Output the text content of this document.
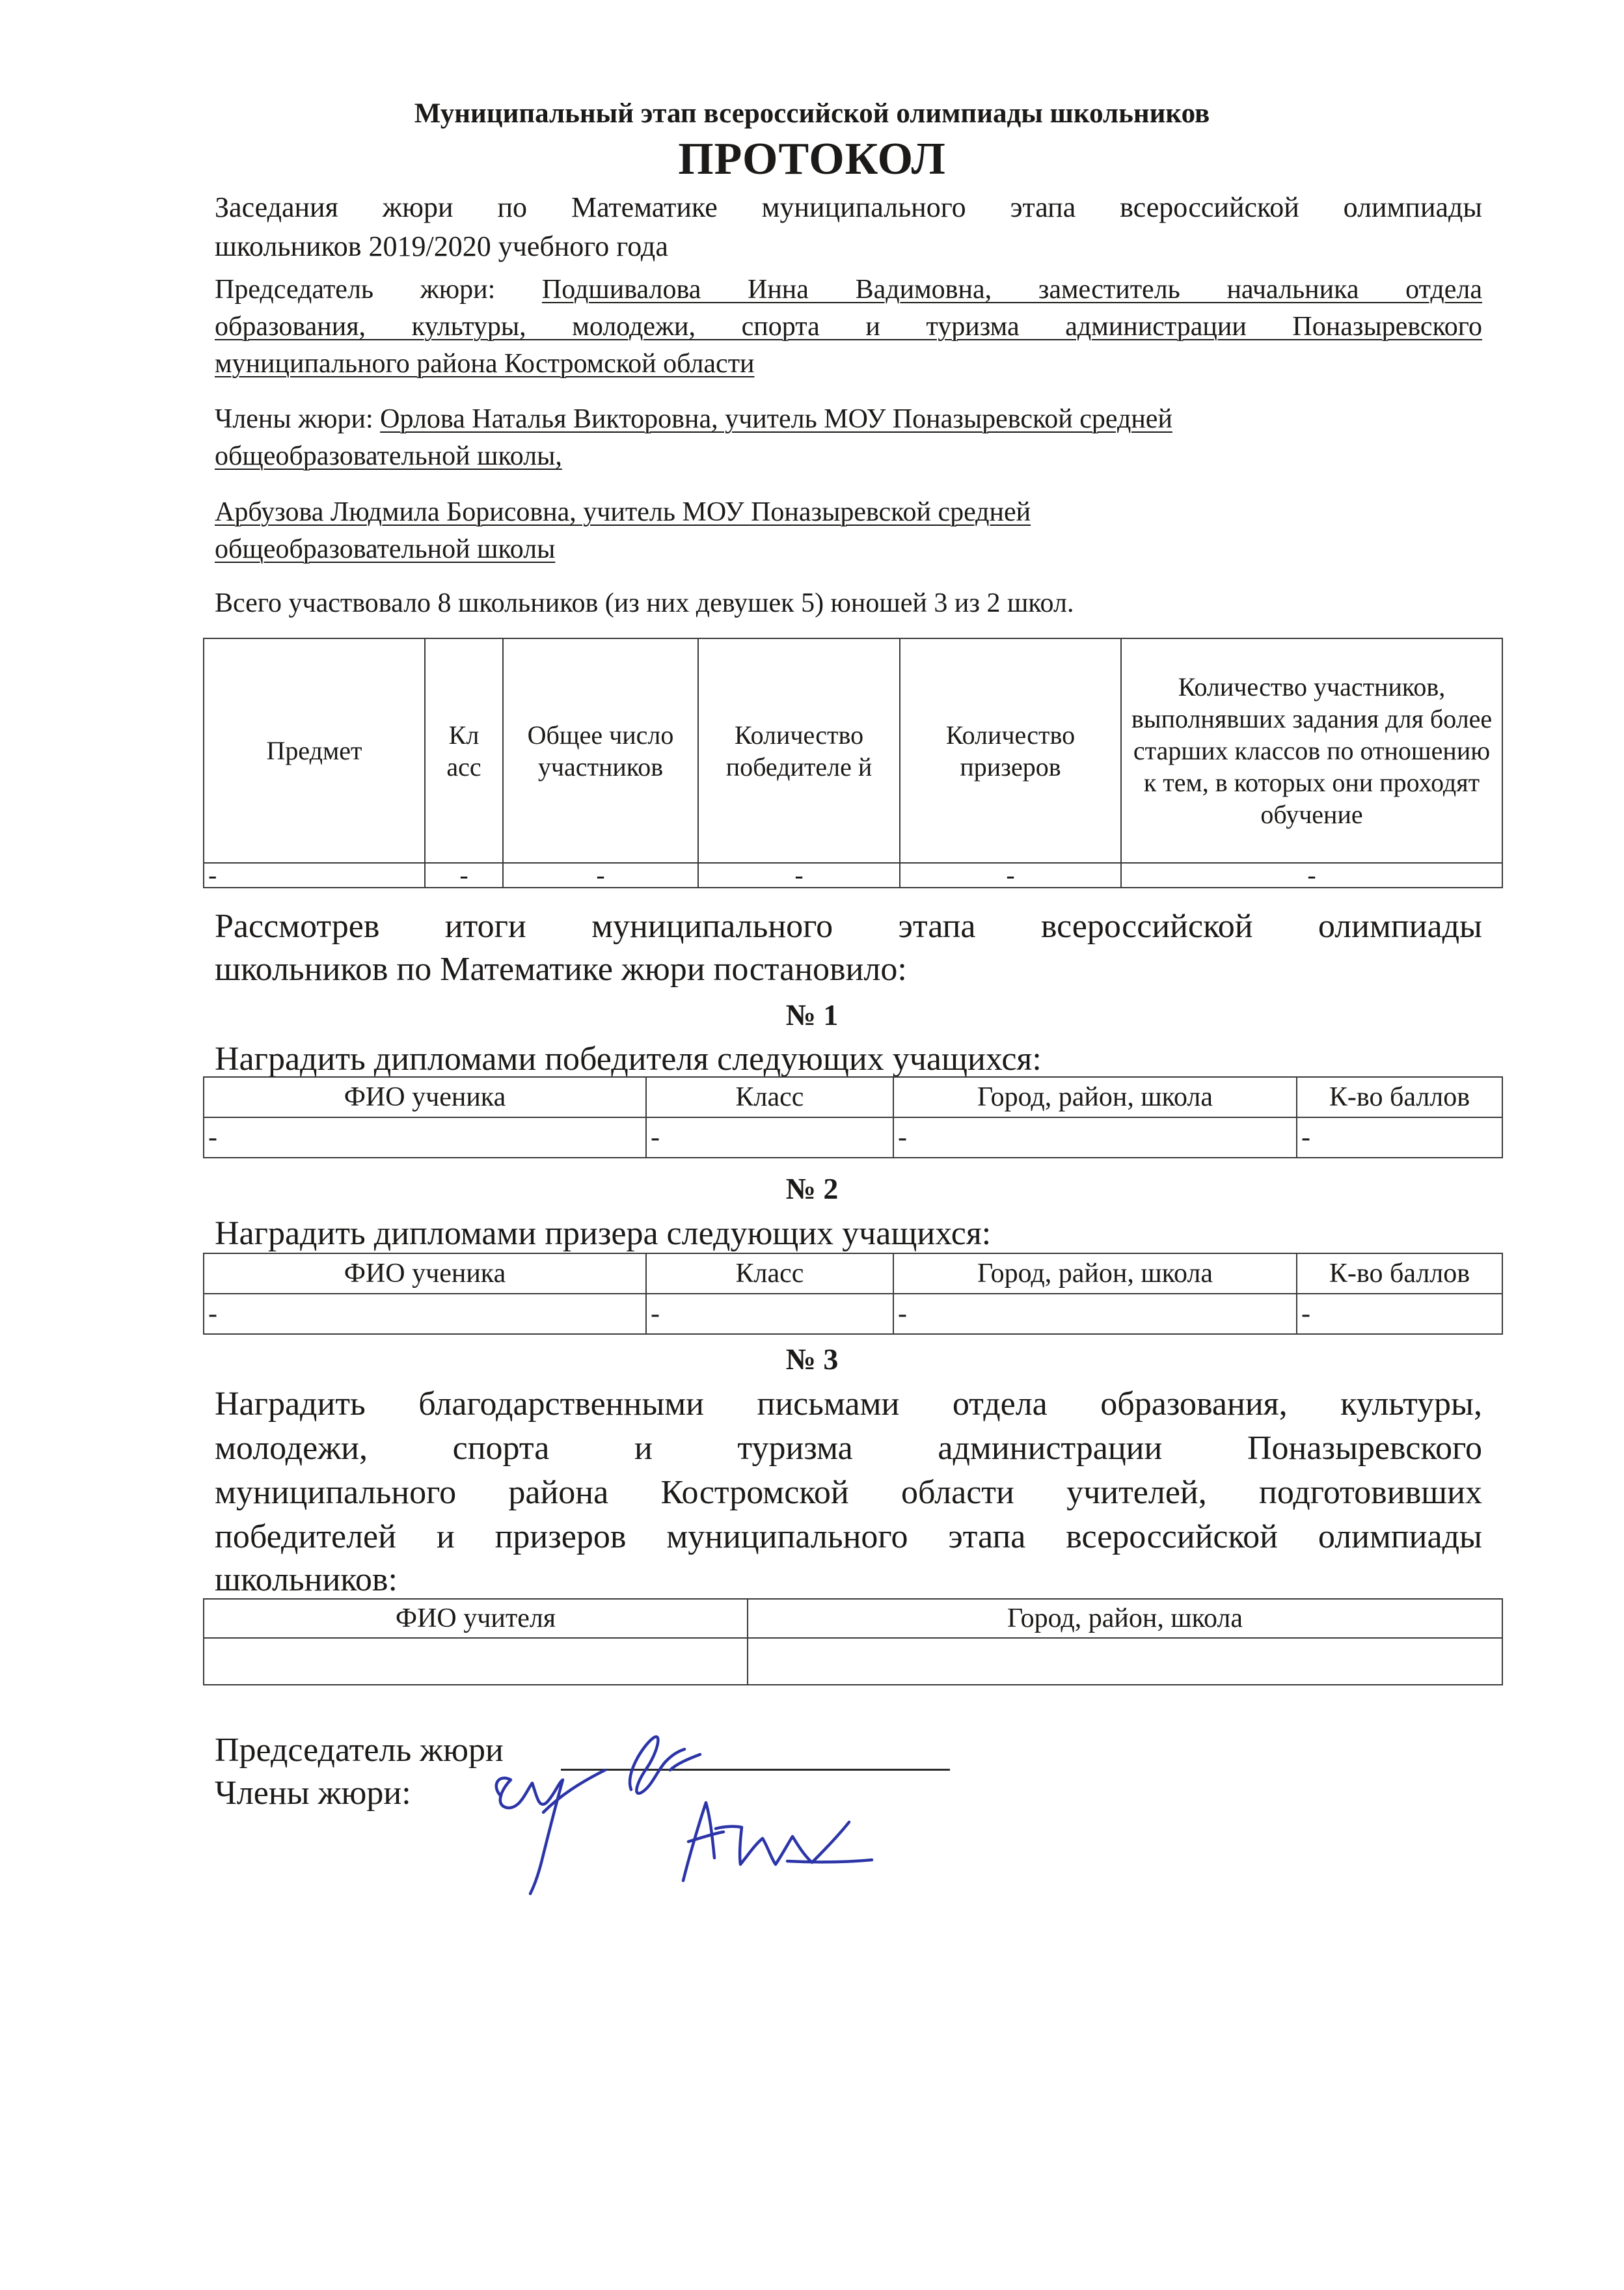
Муниципальный этап всероссийской олимпиады школьников
ПРОТОКОЛ
Заседания жюри по Математике муниципального этапа всероссийской олимпиады
школьников 2019/2020 учебного года
Председатель жюри: Подшивалова Инна Вадимовна, заместитель начальника отдела
образования, культуры, молодежи, спорта и туризма администрации Поназыревского
муниципального района Костромской области
Члены жюри: Орлова Наталья Викторовна, учитель МОУ Поназыревской средней
общеобразовательной школы,
Арбузова Людмила Борисовна, учитель МОУ Поназыревской средней
общеобразовательной школы
Всего участвовало 8 школьников (из них девушек 5) юношей 3 из 2 школ.
Предмет	Кл асс	Общее число участников	Количество победителе й	Количество призеров	Количество участников, выполнявших задания для более старших классов по отношению к тем, в которых они проходят обучение
-	-	-	-	-	-
Рассмотрев итоги муниципального этапа всероссийской олимпиады
школьников по Математике жюри постановило:
№ 1
Наградить дипломами победителя следующих учащихся:
ФИО ученика	Класс	Город, район, школа	К-во баллов
-	-	-	-
№ 2
Наградить дипломами призера следующих учащихся:
ФИО ученика	Класс	Город, район, школа	К-во баллов
-	-	-	-
№ 3
Наградить благодарственными письмами отдела образования, культуры,
молодежи, спорта и туризма администрации Поназыревского
муниципального района Костромской области учителей, подготовивших
победителей и призеров муниципального этапа всероссийской олимпиады
школьников:
ФИО учителя	Город, район, школа

Председатель жюри
Члены жюри:
